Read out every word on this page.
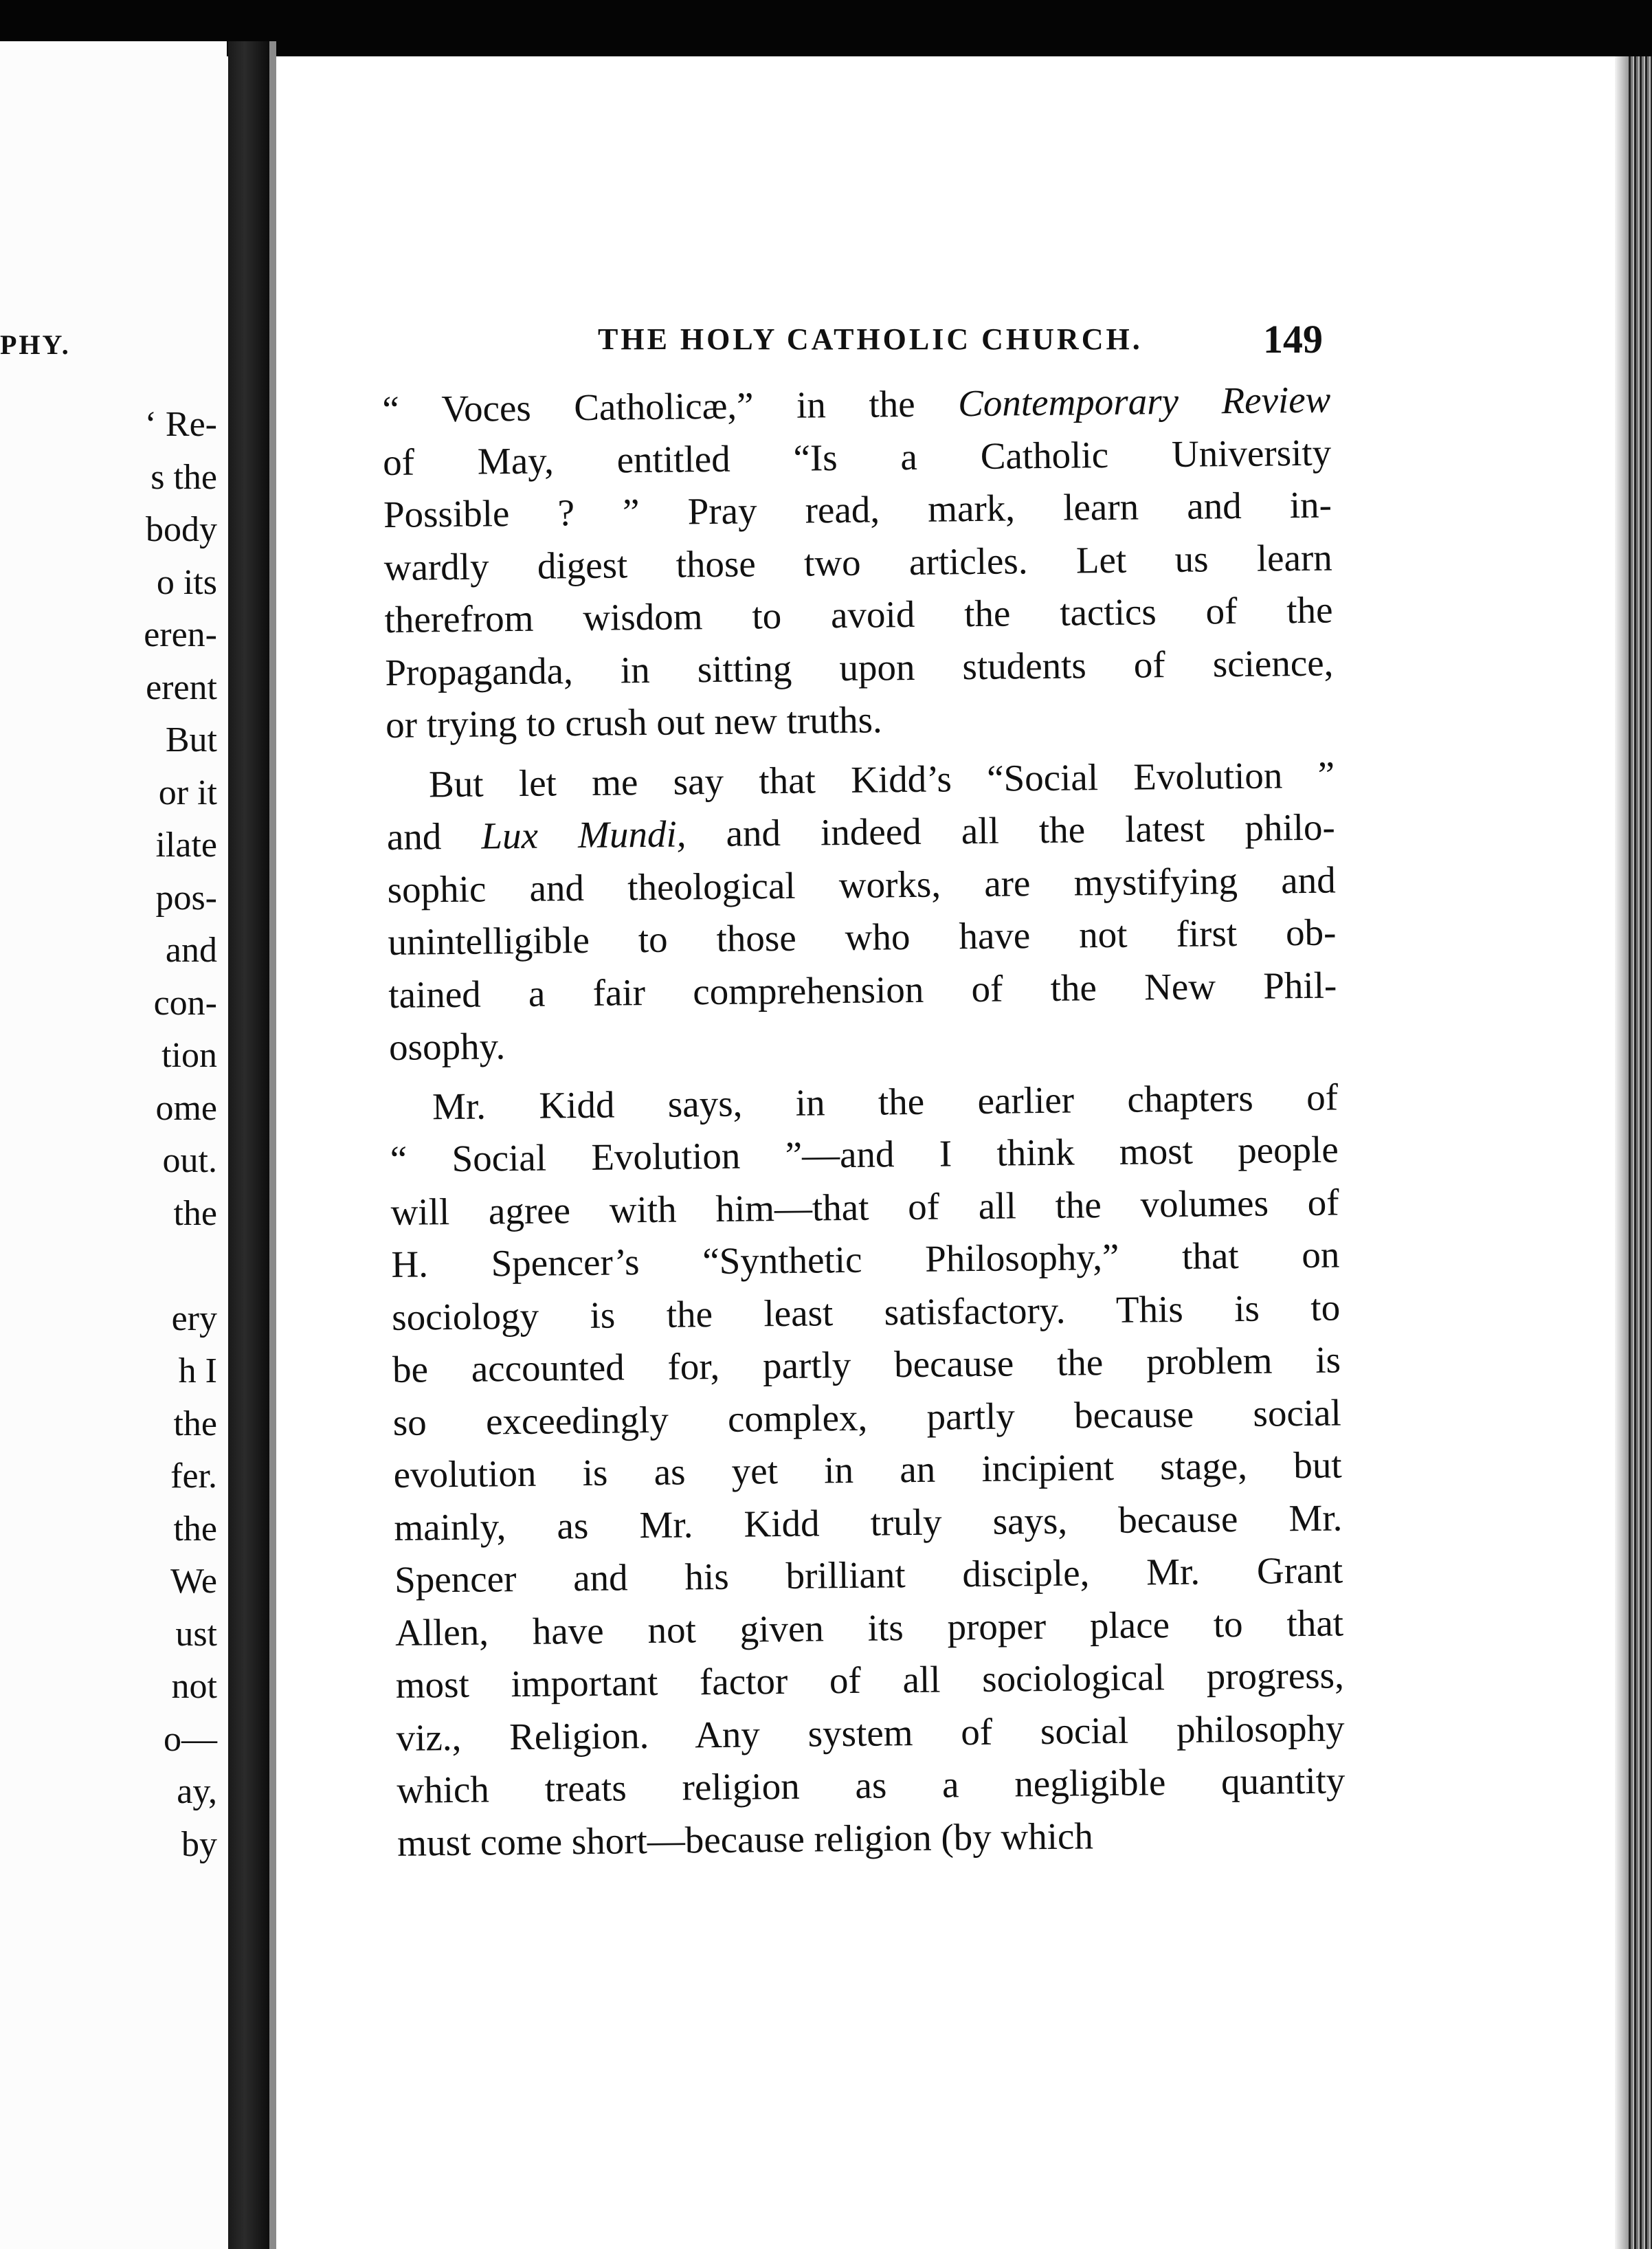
PHY.
‘ Re-
s the
body
o its
eren-
erent
But
or it
ilate
pos-
and
con-
tion
ome
out.
the
ery
h I
the
fer.
the
We
ust
not
o—
ay,
by
THE HOLY CATHOLIC CHURCH.	149
“ Voces Catholicæ,” in the Contemporary Review
of May, entitled “Is a Catholic University
Possible ? ” Pray read, mark, learn and in-
wardly digest those two articles. Let us learn
therefrom wisdom to avoid the tactics of the
Propaganda, in sitting upon students of science,
or trying to crush out new truths.
But let me say that Kidd’s “Social Evolution ”
and Lux Mundi, and indeed all the latest philo-
sophic and theological works, are mystifying and
unintelligible to those who have not first ob-
tained a fair comprehension of the New Phil-
osophy.
Mr. Kidd says, in the earlier chapters of
“ Social Evolution ”—and I think most people
will agree with him—that of all the volumes of
H. Spencer’s “Synthetic Philosophy,” that on
sociology is the least satisfactory. This is to
be accounted for, partly because the problem is
so exceedingly complex, partly because social
evolution is as yet in an incipient stage, but
mainly, as Mr. Kidd truly says, because Mr.
Spencer and his brilliant disciple, Mr. Grant
Allen, have not given its proper place to that
most important factor of all sociological progress,
viz., Religion. Any system of social philosophy
which treats religion as a negligible quantity
must come short—because religion (by which
